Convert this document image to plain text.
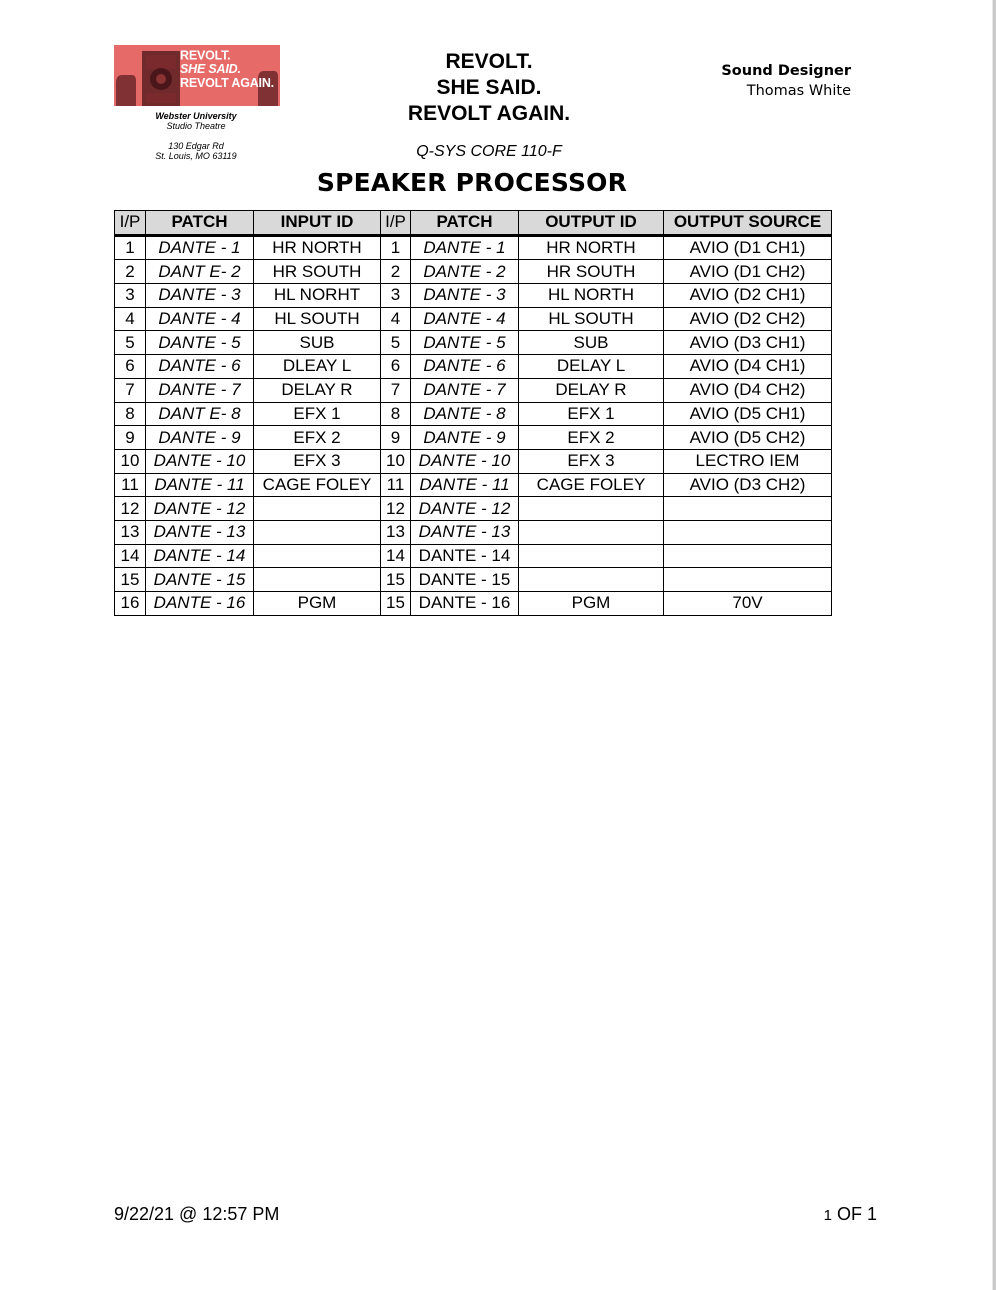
REVOLT.
SHE SAID.
REVOLT AGAIN.
Webster University
Studio Theatre
130 Edgar Rd
St. Louis, MO 63119
REVOLT.
SHE SAID.
REVOLT AGAIN.
Sound Designer
Thomas White
Q-SYS CORE 110-F
SPEAKER PROCESSOR
I/P	PATCH	INPUT ID	I/P	PATCH	OUTPUT ID	OUTPUT SOURCE
1	DANTE - 1	HR NORTH	1	DANTE - 1	HR NORTH	AVIO (D1 CH1)
2	DANT E- 2	HR SOUTH	2	DANTE - 2	HR SOUTH	AVIO (D1 CH2)
3	DANTE - 3	HL NORHT	3	DANTE - 3	HL NORTH	AVIO (D2 CH1)
4	DANTE - 4	HL SOUTH	4	DANTE - 4	HL SOUTH	AVIO (D2 CH2)
5	DANTE - 5	SUB	5	DANTE - 5	SUB	AVIO (D3 CH1)
6	DANTE - 6	DLEAY L	6	DANTE - 6	DELAY L	AVIO (D4 CH1)
7	DANTE - 7	DELAY R	7	DANTE - 7	DELAY R	AVIO (D4 CH2)
8	DANT E- 8	EFX 1	8	DANTE - 8	EFX 1	AVIO (D5 CH1)
9	DANTE - 9	EFX 2	9	DANTE - 9	EFX 2	AVIO (D5 CH2)
10	DANTE - 10	EFX 3	10	DANTE - 10	EFX 3	LECTRO IEM
11	DANTE - 11	CAGE FOLEY	11	DANTE - 11	CAGE FOLEY	AVIO (D3 CH2)
12	DANTE - 12		12	DANTE - 12		
13	DANTE - 13		13	DANTE - 13		
14	DANTE - 14		14	DANTE - 14		
15	DANTE - 15		15	DANTE - 15		
16	DANTE - 16	PGM	15	DANTE - 16	PGM	70V
9/22/21 @ 12:57 PM	1 OF 1
